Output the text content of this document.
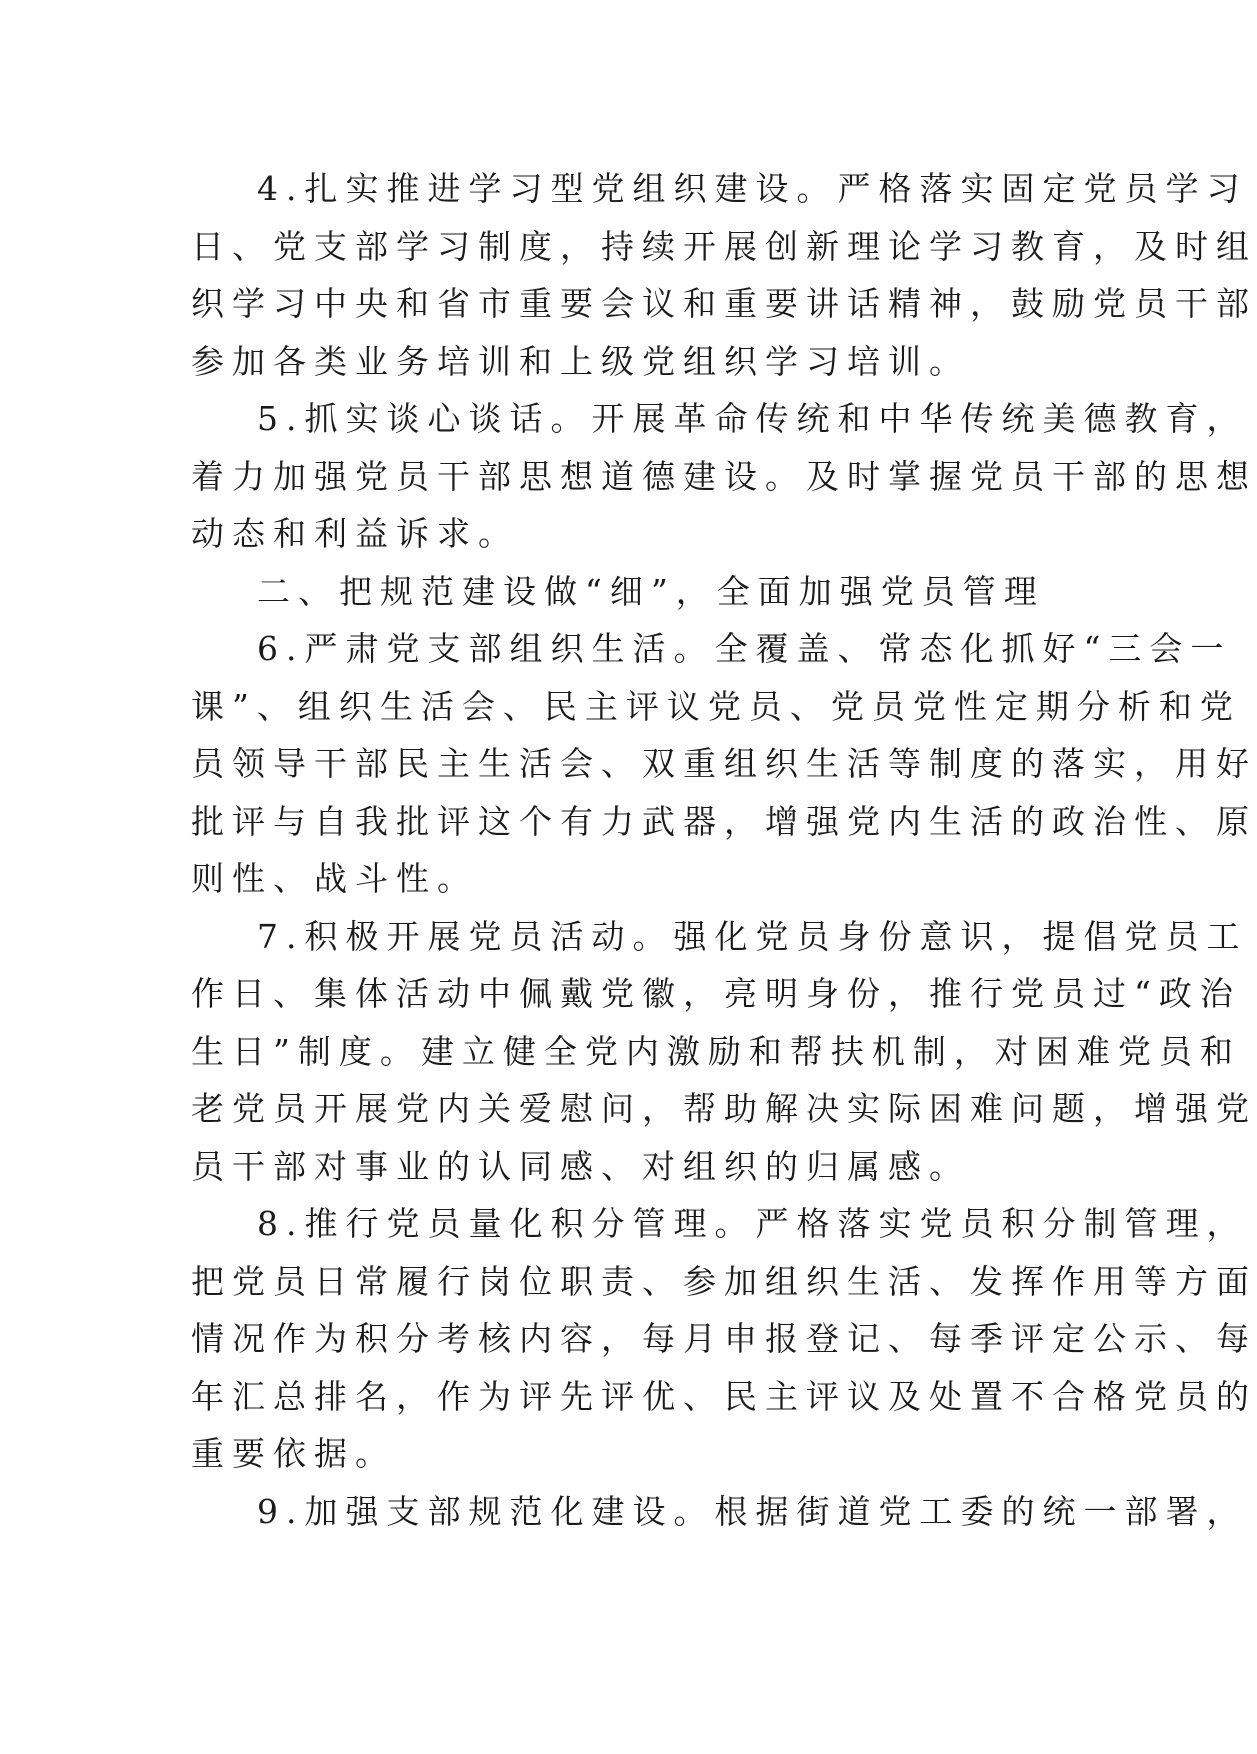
4 . 扎 实 推 进 学 习 型 党 组 织 建 设 。 严 格 落 实 固 定 党 员 学 习
日 、 党 支 部 学 习 制 度 ， 持 续 开 展 创 新 理 论 学 习 教 育 ， 及 时 组
织 学 习 中 央 和 省 市 重 要 会 议 和 重 要 讲 话 精 神 ， 鼓 励 党 员 干 部
参加各类业务培训和上级党组织学习培训。
5 . 抓 实 谈 心 谈 话 。 开 展 革 命 传 统 和 中 华 传 统 美 德 教 育 ，
着 力 加 强 党 员 干 部 思 想 道 德 建 设 。 及 时 掌 握 党 员 干 部 的 思 想
动态和利益诉求。
二、把规范建设做“细”，全面加强党员管理
6 . 严 肃 党 支 部 组 织 生 活 。 全 覆 盖 、 常 态 化 抓 好 “ 三 会 一
课 ” 、 组 织 生 活 会 、 民 主 评 议 党 员 、 党 员 党 性 定 期 分 析 和 党
员 领 导 干 部 民 主 生 活 会 、 双 重 组 织 生 活 等 制 度 的 落 实 ， 用 好
批 评 与 自 我 批 评 这 个 有 力 武 器 ， 增 强 党 内 生 活 的 政 治 性 、 原
则性、战斗性。
7 . 积 极 开 展 党 员 活 动 。 强 化 党 员 身 份 意 识 ， 提 倡 党 员 工
作 日 、 集 体 活 动 中 佩 戴 党 徽 ， 亮 明 身 份 ， 推 行 党 员 过 “ 政 治
生 日 ” 制 度 。 建 立 健 全 党 内 激 励 和 帮 扶 机 制 ， 对 困 难 党 员 和
老 党 员 开 展 党 内 关 爱 慰 问 ， 帮 助 解 决 实 际 困 难 问 题 ， 增 强 党
员干部对事业的认同感、对组织的归属感。
8 . 推 行 党 员 量 化 积 分 管 理 。 严 格 落 实 党 员 积 分 制 管 理 ，
把 党 员 日 常 履 行 岗 位 职 责 、 参 加 组 织 生 活 、 发 挥 作 用 等 方 面
情 况 作 为 积 分 考 核 内 容 ， 每 月 申 报 登 记 、 每 季 评 定 公 示 、 每
年 汇 总 排 名 ， 作 为 评 先 评 优 、 民 主 评 议 及 处 置 不 合 格 党 员 的
重要依据。
9 . 加 强 支 部 规 范 化 建 设 。 根 据 街 道 党 工 委 的 统 一 部 署 ，
